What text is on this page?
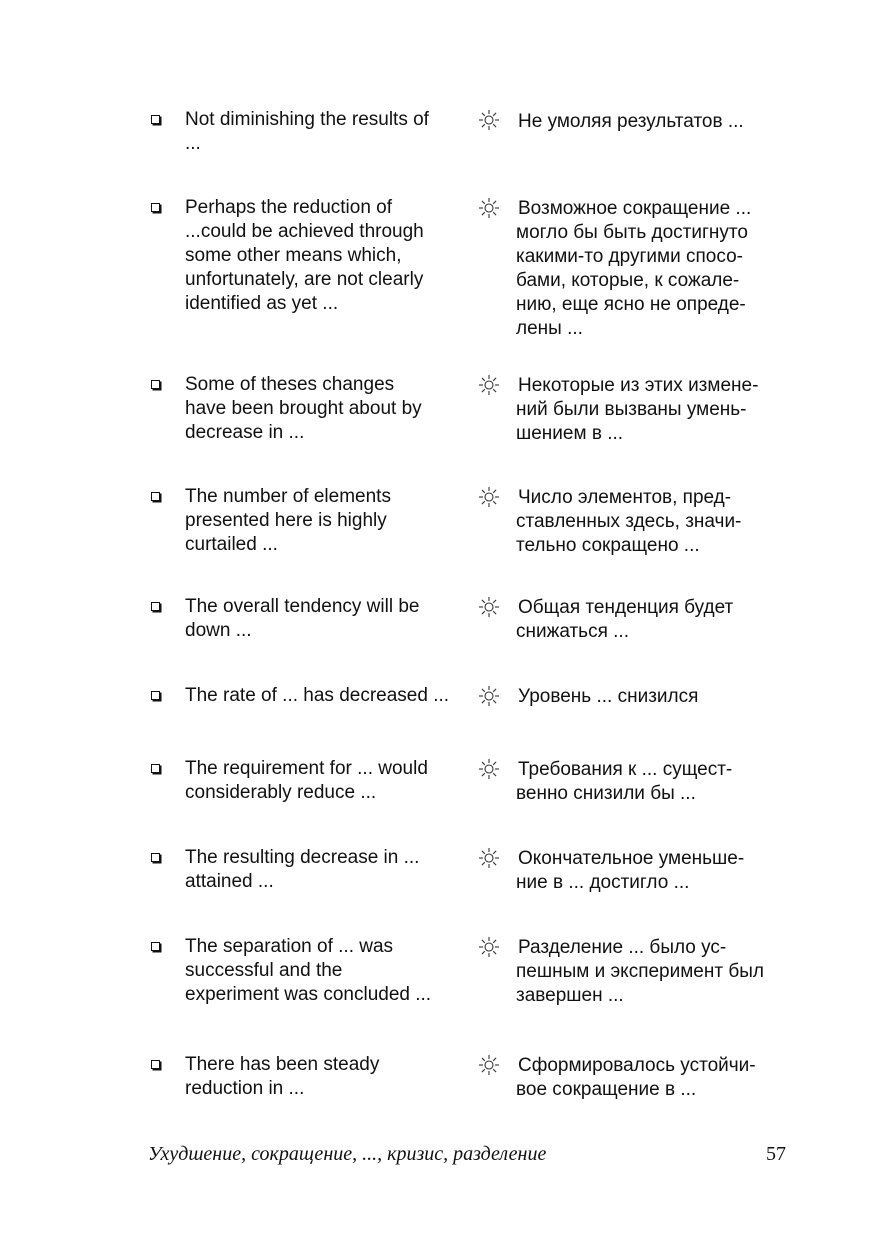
Not diminishing the results of
...
Не умоляя результатов ...
Perhaps the reduction of
...could be achieved through
some other means which,
unfortunately, are not clearly
identified as yet ...
Возможное сокращение ...
могло бы быть достигнуто
какими-то другими спосо-
бами, которые, к сожале-
нию, еще ясно не опреде-
лены ...
Some of theses changes
have been brought about by
decrease in ...
Некоторые из этих измене-
ний были вызваны умень-
шением в ...
The number of elements
presented here is highly
curtailed ...
Число элементов, пред-
ставленных здесь, значи-
тельно сокращено ...
The overall tendency will be
down ...
Общая тенденция будет
снижаться ...
The rate of ... has decreased ...	Уровень ... снизился
The requirement for ... would
considerably reduce ...
Требования к ... сущест-
венно снизили бы ...
The resulting decrease in ...
attained ...
Окончательное уменьше-
ние в ... достигло ...
The separation of ... was
successful and the
experiment was concluded ...
Разделение ... было ус-
пешным и эксперимент был
завершен ...
There has been steady
reduction in ...
Сформировалось устойчи-
вое сокращение в ...
Ухудшение, сокращение, ..., кризис, разделение	57
